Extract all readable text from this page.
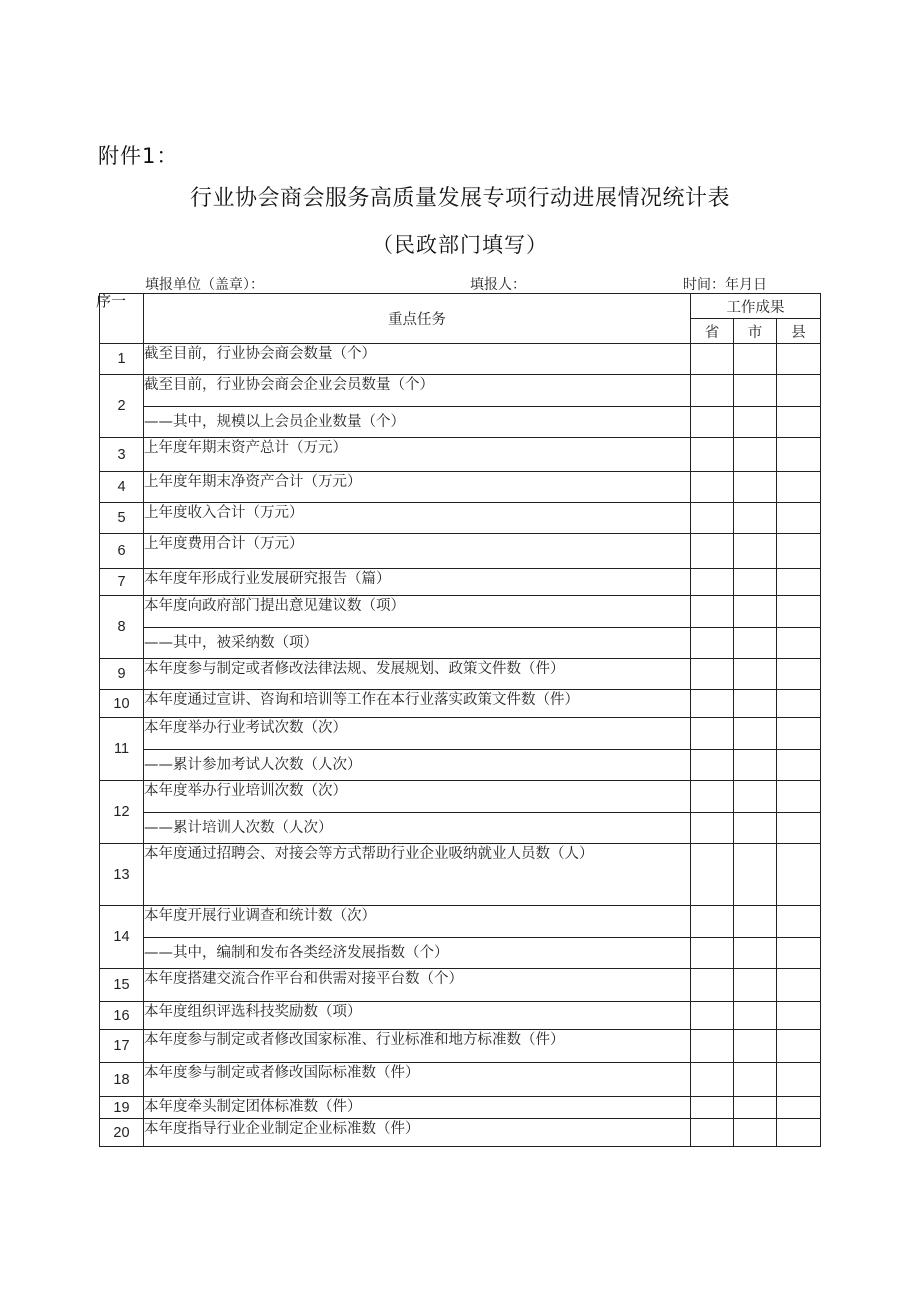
附件1：
行业协会商会服务高质量发展专项行动进展情况统计表
（民政部门填写）
填报单位（盖章）：	填报人：	时间：年月日
	重点任务	工作成果		
		省	市	县
1	截至目前，行业协会商会数量（个）			
2	截至目前，行业协会商会企业会员数量（个）			
	——其中，规模以上会员企业数量（个）			
3	上年度年期末资产总计（万元）			
4	上年度年期末净资产合计（万元）			
5	上年度收入合计（万元）			
6	上年度费用合计（万元）			
7	本年度年形成行业发展研究报告（篇）			
8	本年度向政府部门提出意见建议数（项）			
	——其中，被采纳数（项）			
9	本年度参与制定或者修改法律法规、发展规划、政策文件数（件）			
10	本年度通过宣讲、咨询和培训等工作在本行业落实政策文件数（件）			
11	本年度举办行业考试次数（次）			
	——累计参加考试人次数（人次）			
12	本年度举办行业培训次数（次）			
	——累计培训人次数（人次）			
13	本年度通过招聘会、对接会等方式帮助行业企业吸纳就业人员数（人）			
14	本年度开展行业调查和统计数（次）			
	——其中，编制和发布各类经济发展指数（个）			
15	本年度搭建交流合作平台和供需对接平台数（个）			
16	本年度组织评选科技奖励数（项）			
17	本年度参与制定或者修改国家标准、行业标准和地方标准数（件）			
18	本年度参与制定或者修改国际标准数（件）			
19	本年度牵头制定团体标准数（件）			
20	本年度指导行业企业制定企业标准数（件）			
序一
